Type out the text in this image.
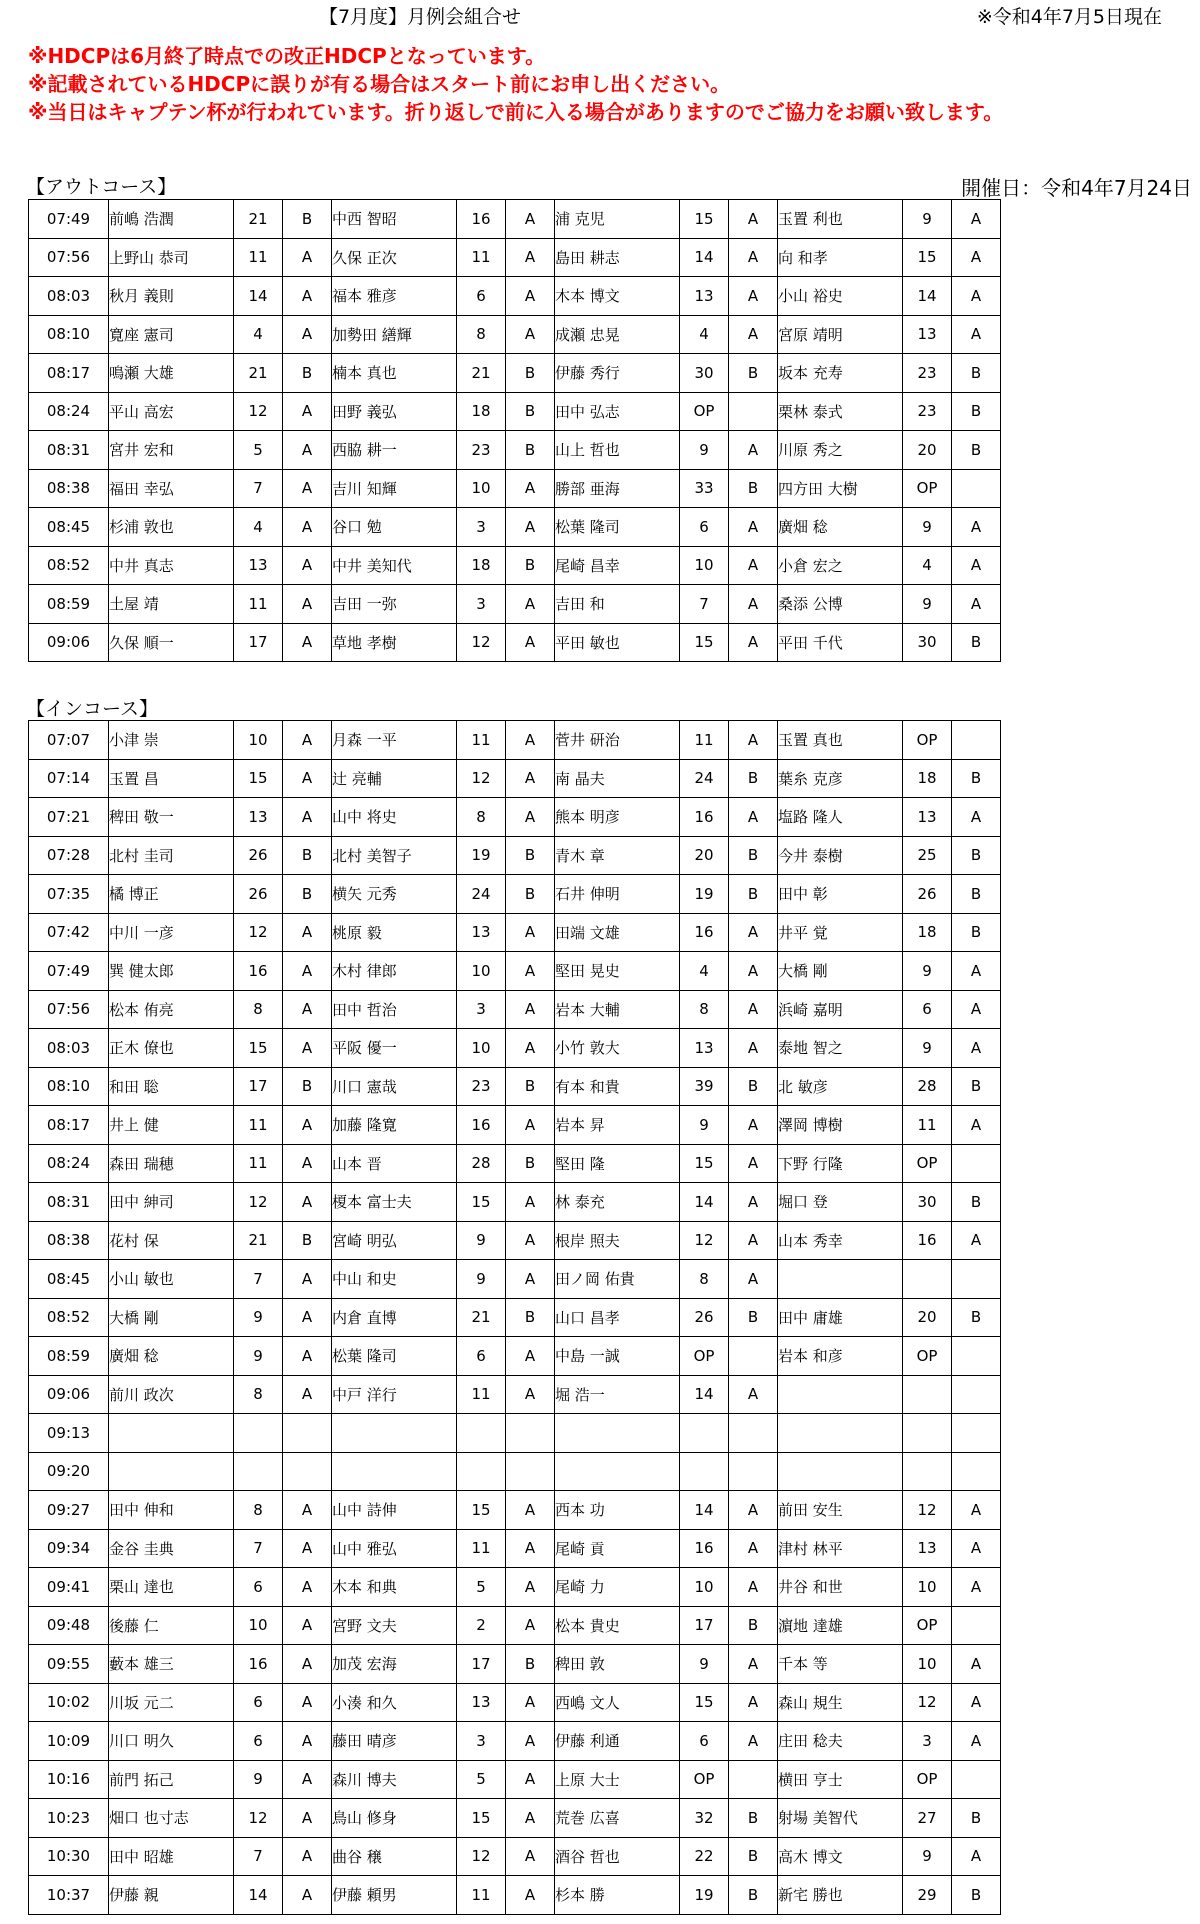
【7月度】月例会組合せ	※令和4年7月5日現在
※HDCPは6月終了時点での改正HDCPとなっています。
※記載されているHDCPに誤りが有る場合はスタート前にお申し出ください。
※当日はキャプテン杯が行われています。折り返しで前に入る場合がありますのでご協力をお願い致します。
【アウトコース】	開催日：令和4年7月24日
07:49	前嶋 浩潤	21	B	中西 智昭	16	A	浦 克児	15	A	玉置 利也	9	A
07:56	上野山 恭司	11	A	久保 正次	11	A	島田 耕志	14	A	向 和孝	15	A
08:03	秋月 義則	14	A	福本 雅彦	6	A	木本 博文	13	A	小山 裕史	14	A
08:10	寛座 憲司	4	A	加勢田 繕輝	8	A	成瀬 忠晃	4	A	宮原 靖明	13	A
08:17	鳴瀬 大雄	21	B	楠本 真也	21	B	伊藤 秀行	30	B	坂本 充寿	23	B
08:24	平山 高宏	12	A	田野 義弘	18	B	田中 弘志	OP		栗林 泰式	23	B
08:31	宮井 宏和	5	A	西脇 耕一	23	B	山上 哲也	9	A	川原 秀之	20	B
08:38	福田 幸弘	7	A	吉川 知輝	10	A	勝部 亜海	33	B	四方田 大樹	OP	
08:45	杉浦 敦也	4	A	谷口 勉	3	A	松葉 隆司	6	A	廣畑 稔	9	A
08:52	中井 真志	13	A	中井 美知代	18	B	尾崎 昌幸	10	A	小倉 宏之	4	A
08:59	土屋 靖	11	A	吉田 一弥	3	A	吉田 和	7	A	桑添 公博	9	A
09:06	久保 順一	17	A	草地 孝樹	12	A	平田 敏也	15	A	平田 千代	30	B
【インコース】
07:07	小津 崇	10	A	月森 一平	11	A	菅井 研治	11	A	玉置 真也	OP	
07:14	玉置 昌	15	A	辻 亮輔	12	A	南 晶夫	24	B	葉糸 克彦	18	B
07:21	稗田 敬一	13	A	山中 将史	8	A	熊本 明彦	16	A	塩路 隆人	13	A
07:28	北村 圭司	26	B	北村 美智子	19	B	青木 章	20	B	今井 泰樹	25	B
07:35	橘 博正	26	B	横矢 元秀	24	B	石井 伸明	19	B	田中 彰	26	B
07:42	中川 一彦	12	A	桃原 毅	13	A	田端 文雄	16	A	井平 覚	18	B
07:49	巽 健太郎	16	A	木村 律郎	10	A	堅田 晃史	4	A	大橋 剛	9	A
07:56	松本 侑亮	8	A	田中 哲治	3	A	岩本 大輔	8	A	浜崎 嘉明	6	A
08:03	正木 僚也	15	A	平阪 優一	10	A	小竹 敦大	13	A	泰地 智之	9	A
08:10	和田 聡	17	B	川口 憲哉	23	B	有本 和貴	39	B	北 敏彦	28	B
08:17	井上 健	11	A	加藤 隆寛	16	A	岩本 昇	9	A	澤岡 博樹	11	A
08:24	森田 瑞穂	11	A	山本 晋	28	B	堅田 隆	15	A	下野 行隆	OP	
08:31	田中 紳司	12	A	榎本 富士夫	15	A	林 泰充	14	A	堀口 登	30	B
08:38	花村 保	21	B	宮崎 明弘	9	A	根岸 照夫	12	A	山本 秀幸	16	A
08:45	小山 敏也	7	A	中山 和史	9	A	田ノ岡 佑貴	8	A			
08:52	大橋 剛	9	A	内倉 直博	21	B	山口 昌孝	26	B	田中 庸雄	20	B
08:59	廣畑 稔	9	A	松葉 隆司	6	A	中島 一誠	OP		岩本 和彦	OP	
09:06	前川 政次	8	A	中戸 洋行	11	A	堀 浩一	14	A			
09:13												
09:20												
09:27	田中 伸和	8	A	山中 詩伸	15	A	西本 功	14	A	前田 安生	12	A
09:34	金谷 圭典	7	A	山中 雅弘	11	A	尾崎 貢	16	A	津村 林平	13	A
09:41	栗山 達也	6	A	木本 和典	5	A	尾崎 力	10	A	井谷 和世	10	A
09:48	後藤 仁	10	A	宮野 文夫	2	A	松本 貴史	17	B	濵地 達雄	OP	
09:55	藪本 雄三	16	A	加茂 宏海	17	B	稗田 敦	9	A	千本 等	10	A
10:02	川坂 元二	6	A	小湊 和久	13	A	西嶋 文人	15	A	森山 規生	12	A
10:09	川口 明久	6	A	藤田 晴彦	3	A	伊藤 利通	6	A	庄田 稔夫	3	A
10:16	前門 拓己	9	A	森川 博夫	5	A	上原 大士	OP		横田 亨士	OP	
10:23	畑口 也寸志	12	A	鳥山 修身	15	A	荒巻 広喜	32	B	射場 美智代	27	B
10:30	田中 昭雄	7	A	曲谷 穣	12	A	酒谷 哲也	22	B	高木 博文	9	A
10:37	伊藤 親	14	A	伊藤 頼男	11	A	杉本 勝	19	B	新宅 勝也	29	B
